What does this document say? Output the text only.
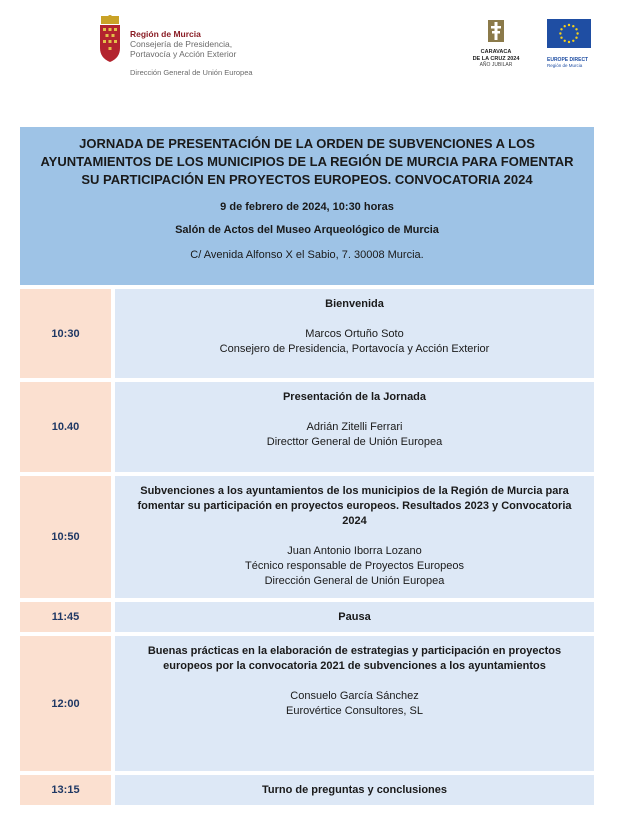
Región de Murcia
Consejería de Presidencia,
Portavocía y Acción Exterior
Dirección General de Unión Europea
CARAVACA
DE LA CRUZ 2024
AÑO JUBILAR
EUROPE DIRECT
Región de Murcia
JORNADA DE PRESENTACIÓN DE LA ORDEN DE SUBVENCIONES A LOS AYUNTAMIENTOS DE LOS MUNICIPIOS DE LA REGIÓN DE MURCIA PARA FOMENTAR SU PARTICIPACIÓN EN PROYECTOS EUROPEOS. CONVOCATORIA 2024
9 de febrero de 2024, 10:30 horas
Salón de Actos del Museo Arqueológico de Murcia
C/ Avenida Alfonso X el Sabio, 7. 30008 Murcia.
10:30
Bienvenida
Marcos Ortuño Soto
Consejero de Presidencia, Portavocía y Acción Exterior
10.40
Presentación de la Jornada
Adrián Zitelli Ferrari
Directtor General de Unión Europea
10:50
Subvenciones a los ayuntamientos de los municipios de la Región de Murcia para fomentar su participación en proyectos europeos. Resultados 2023 y Convocatoria 2024
Juan Antonio Iborra Lozano
Técnico responsable de Proyectos Europeos
Dirección General de Unión Europea
11:45	Pausa
12:00
Buenas prácticas en la elaboración de estrategias y participación en proyectos europeos por la convocatoria 2021 de subvenciones a los ayuntamientos
Consuelo García Sánchez
Eurovértice Consultores, SL
13:15	Turno de preguntas y conclusiones
